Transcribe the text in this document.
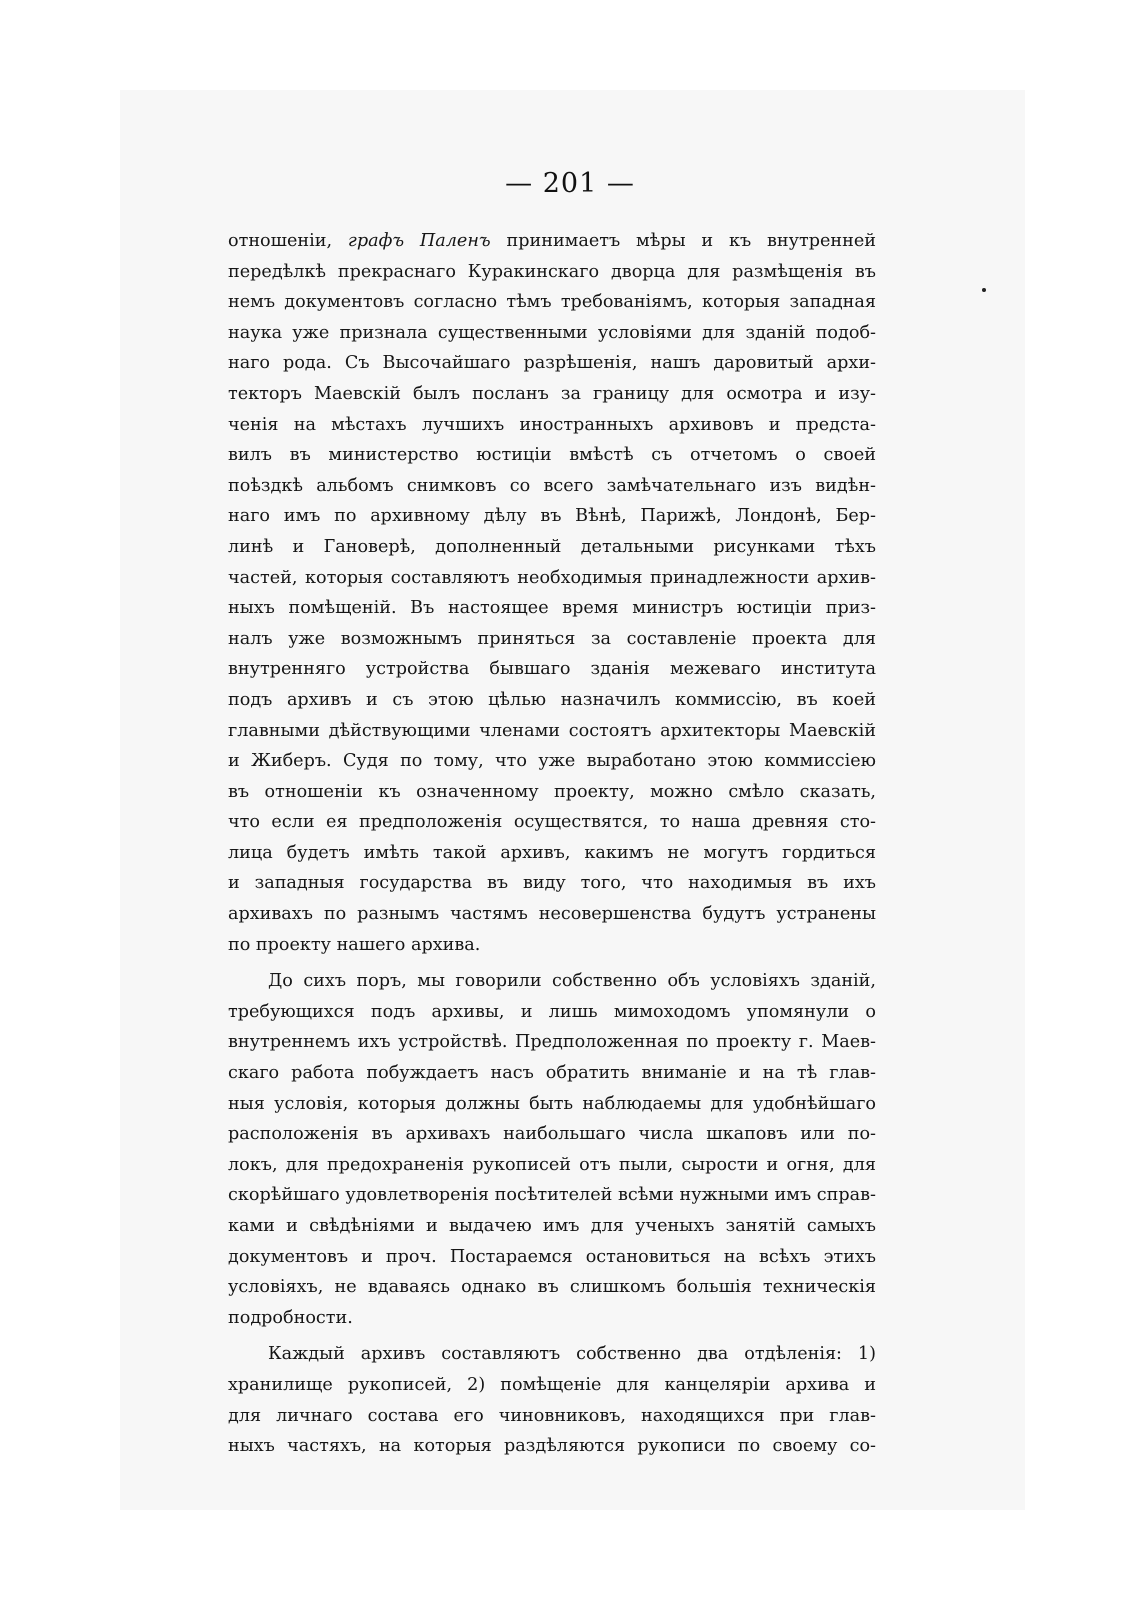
— 201 —
отношеніи, графъ Паленъ принимаетъ мѣры и къ внутренней
передѣлкѣ прекраснаго Куракинскаго дворца для размѣщенія въ
немъ документовъ согласно тѣмъ требованіямъ, которыя западная
наука уже признала существенными условіями для зданій подоб-
наго рода. Съ Высочайшаго разрѣшенія, нашъ даровитый архи-
текторъ Маевскій былъ посланъ за границу для осмотра и изу-
ченія на мѣстахъ лучшихъ иностранныхъ архивовъ и предста-
вилъ въ министерство юстиціи вмѣстѣ съ отчетомъ о своей
поѣздкѣ альбомъ снимковъ со всего замѣчательнаго изъ видѣн-
наго имъ по архивному дѣлу въ Вѣнѣ, Парижѣ, Лондонѣ, Бер-
линѣ и Гановерѣ, дополненный детальными рисунками тѣхъ
частей, которыя составляютъ необходимыя принадлежности архив-
ныхъ помѣщеній. Въ настоящее время министръ юстиціи приз-
налъ уже возможнымъ приняться за составленіе проекта для
внутренняго устройства бывшаго зданія межеваго института
подъ архивъ и съ этою цѣлью назначилъ коммиссію, въ коей
главными дѣйствующими членами состоятъ архитекторы Маевскій
и Жиберъ. Судя по тому, что уже выработано этою коммиссіею
въ отношеніи къ означенному проекту, можно смѣло сказать,
что если ея предположенія осуществятся, то наша древняя сто-
лица будетъ имѣть такой архивъ, какимъ не могутъ гордиться
и западныя государства въ виду того, что находимыя въ ихъ
архивахъ по разнымъ частямъ несовершенства будутъ устранены
по проекту нашего архива.
До сихъ поръ, мы говорили собственно объ условіяхъ зданій,
требующихся подъ архивы, и лишь мимоходомъ упомянули о
внутреннемъ ихъ устройствѣ. Предположенная по проекту г. Маев-
скаго работа побуждаетъ насъ обратить вниманіе и на тѣ глав-
ныя условія, которыя должны быть наблюдаемы для удобнѣйшаго
расположенія въ архивахъ наибольшаго числа шкаповъ или по-
локъ, для предохраненія рукописей отъ пыли, сырости и огня, для
скорѣйшаго удовлетворенія посѣтителей всѣми нужными имъ справ-
ками и свѣдѣніями и выдачею имъ для ученыхъ занятій самыхъ
документовъ и проч. Постараемся остановиться на всѣхъ этихъ
условіяхъ, не вдаваясь однако въ слишкомъ большія техническія
подробности.
Каждый архивъ составляютъ собственно два отдѣленія: 1)
хранилище рукописей, 2) помѣщеніе для канцеляріи архива и
для личнаго состава его чиновниковъ, находящихся при глав-
ныхъ частяхъ, на которыя раздѣляются рукописи по своему со-
